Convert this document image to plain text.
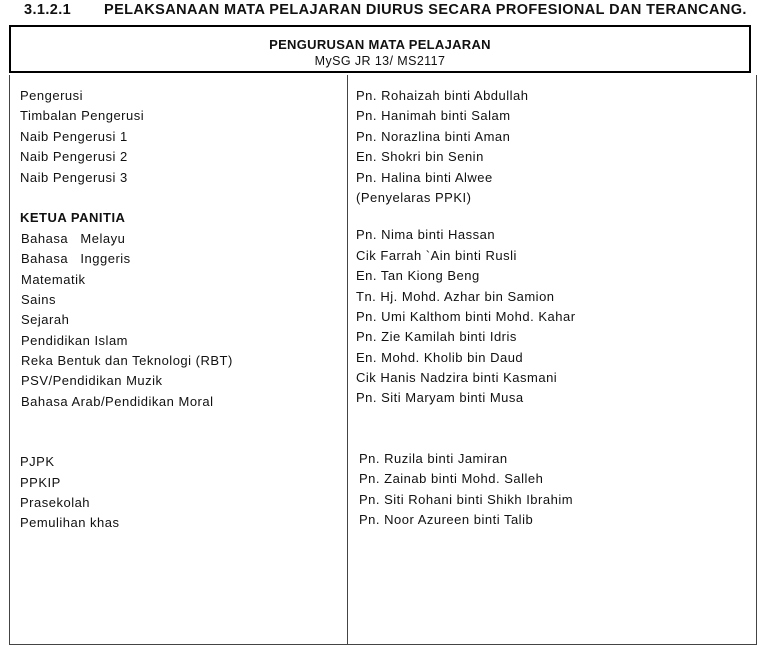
3.1.2.1 PELAKSANAAN MATA PELAJARAN DIURUS SECARA PROFESIONAL DAN TERANCANG.
PENGURUSAN MATA PELAJARAN
MySG JR 13/ MS2117
Pengerusi
Timbalan Pengerusi
Naib Pengerusi 1
Naib Pengerusi 2
Naib Pengerusi 3
KETUA PANITIA
Bahasa   Melayu
Bahasa   Inggeris
Matematik
Sains
Sejarah
Pendidikan Islam
Reka Bentuk dan Teknologi (RBT)
PSV/Pendidikan Muzik
Bahasa Arab/Pendidikan Moral
PJPK
PPKIP
Prasekolah
Pemulihan khas
Pn. Rohaizah binti Abdullah
Pn. Hanimah binti Salam
Pn. Norazlina binti Aman
En. Shokri bin Senin
Pn. Halina binti Alwee
(Penyelaras PPKI)
Pn. Nima binti Hassan
Cik Farrah `Ain binti Rusli
En. Tan Kiong Beng
Tn. Hj. Mohd. Azhar bin Samion
Pn. Umi Kalthom binti Mohd. Kahar
Pn. Zie Kamilah binti Idris
En. Mohd. Kholib bin Daud
Cik Hanis Nadzira binti Kasmani
Pn. Siti Maryam binti Musa
Pn. Ruzila binti Jamiran
Pn. Zainab binti Mohd. Salleh
Pn. Siti Rohani binti Shikh Ibrahim
Pn. Noor Azureen binti Talib
